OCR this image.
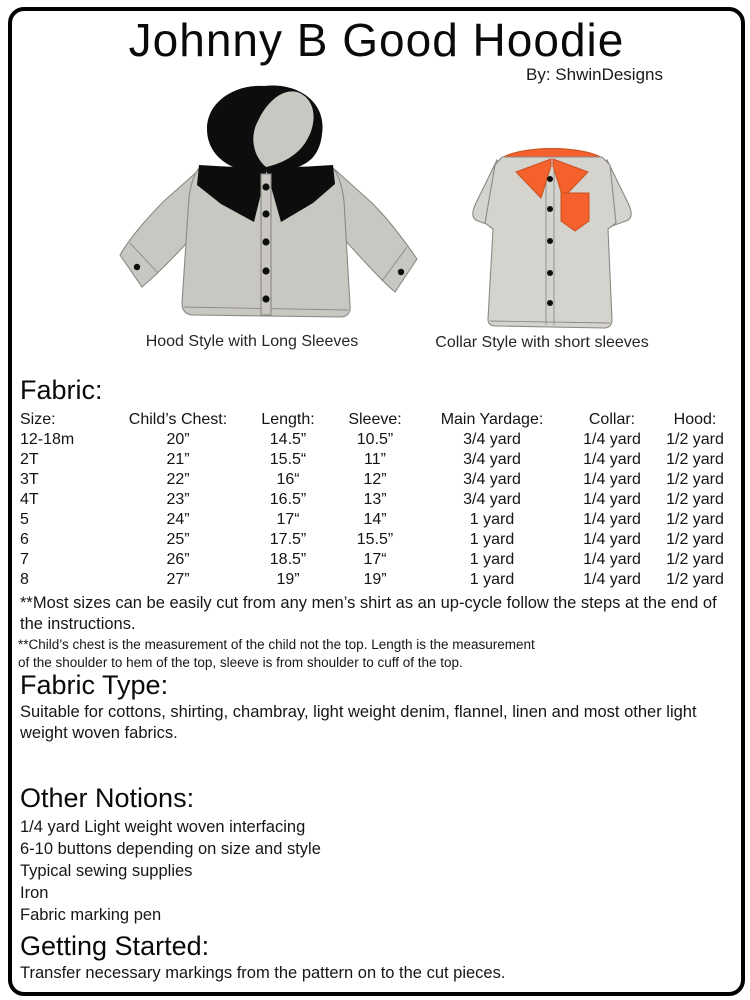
Johnny B Good Hoodie
By: ShwinDesigns
Hood Style with Long Sleeves	Collar Style with short sleeves
Fabric:
Size:	Child’s Chest:	Length:	Sleeve:	Main Yardage:	Collar:	Hood:
12-18m	20”	14.5”	10.5”	3/4 yard	1/4 yard	1/2 yard
2T	21”	15.5“	11”	3/4 yard	1/4 yard	1/2 yard
3T	22”	16“	12”	3/4 yard	1/4 yard	1/2 yard
4T	23”	16.5”	13”	3/4 yard	1/4 yard	1/2 yard
5	24”	17“	14”	1 yard	1/4 yard	1/2 yard
6	25”	17.5”	15.5”	1 yard	1/4 yard	1/2 yard
7	26”	18.5”	17“	1 yard	1/4 yard	1/2 yard
8	27”	19”	19”	1 yard	1/4 yard	1/2 yard
**Most sizes can be easily cut from any men’s shirt as an up-cycle follow the steps at the end of the instructions.
**Child’s chest is the measurement of the child not the top. Length is the measurement
of the shoulder to hem of the top, sleeve is from shoulder to cuff of the top.
Fabric Type:
Suitable for cottons, shirting, chambray, light weight denim, flannel, linen and most other light weight woven fabrics.
Other Notions:
1/4 yard Light weight woven interfacing
6-10 buttons depending on size and style
Typical sewing supplies
Iron
Fabric marking pen
Getting Started:
Transfer necessary markings from the pattern on to the cut pieces.
